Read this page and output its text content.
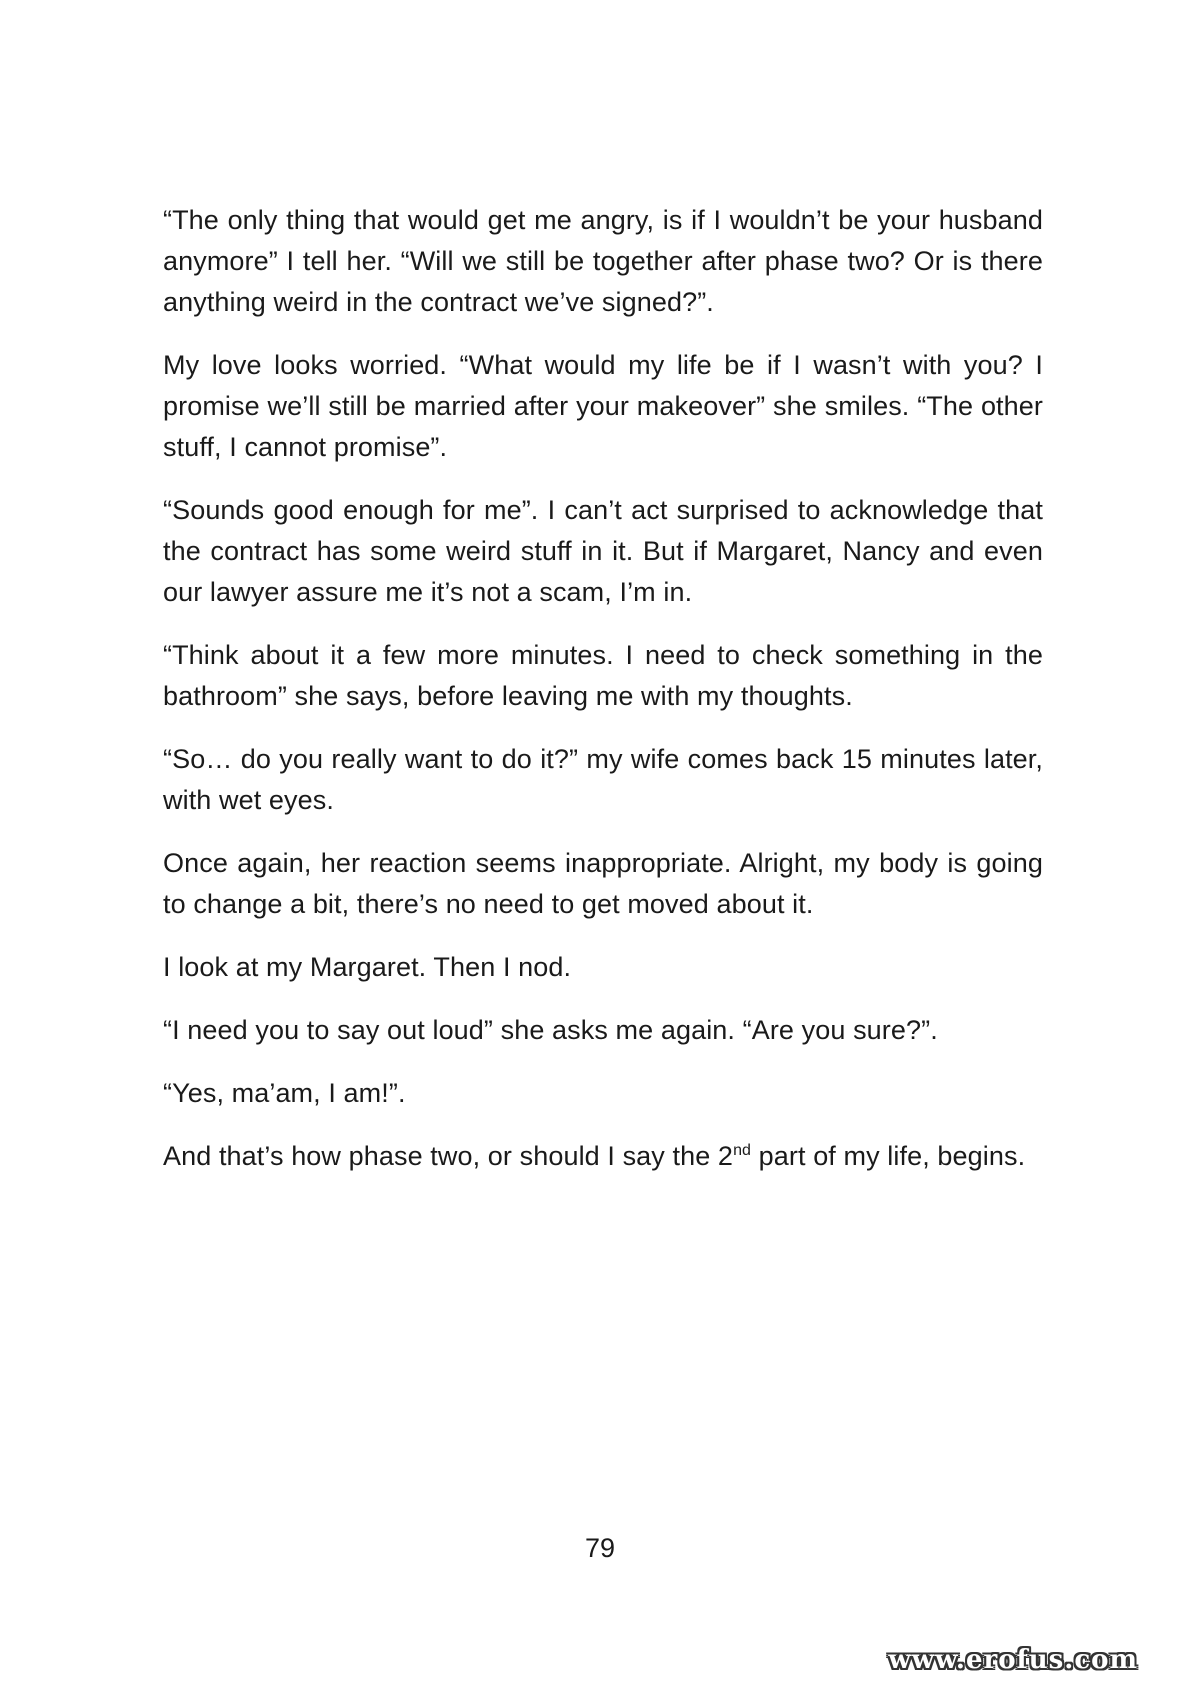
“The only thing that would get me angry, is if I wouldn’t be your husband anymore” I tell her. “Will we still be together after phase two? Or is there anything weird in the contract we’ve signed?”.

My love looks worried. “What would my life be if I wasn’t with you? I promise we’ll still be married after your makeover” she smiles. “The other stuff, I cannot promise”.

“Sounds good enough for me”. I can’t act surprised to acknowledge that the contract has some weird stuff in it. But if Margaret, Nancy and even our lawyer assure me it’s not a scam, I’m in.

“Think about it a few more minutes. I need to check something in the bathroom” she says, before leaving me with my thoughts.

“So… do you really want to do it?” my wife comes back 15 minutes later, with wet eyes.

Once again, her reaction seems inappropriate. Alright, my body is going to change a bit, there’s no need to get moved about it.

I look at my Margaret. Then I nod.

“I need you to say out loud” she asks me again. “Are you sure?”.

“Yes, ma’am, I am!”.

And that’s how phase two, or should I say the 2nd part of my life, begins.

79
www.erofus.com
